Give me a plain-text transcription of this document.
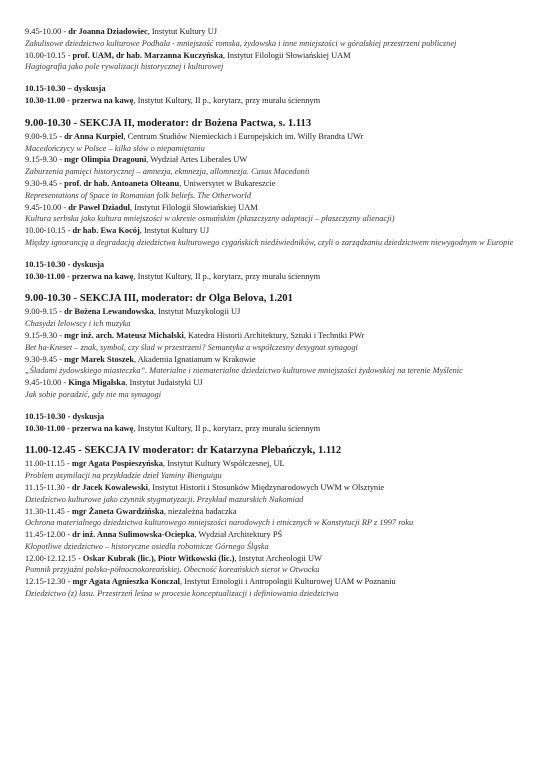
9.45-10.00 - dr Joanna Dziadowiec, Instytut Kultury UJ
Zakulisowe dziedzictwo kulturowe Podhala - mniejszość romska, żydowska i inne mniejszości w góralskiej przestrzeni publicznej
10.00-10.15 - prof. UAM, dr hab. Marzanna Kuczyńska, Instytut Filologii Słowiańskiej UAM
Hagiografia jako pole rywalizacji historycznej i kulturowej
10.15-10.30 – dyskusja
10.30-11.00 - przerwa na kawę, Instytut Kultury, II p., korytarz, przy muralu ściennym
9.00-10.30 - SEKCJA II, moderator: dr Bożena Pactwa, s. 1.113
9.00-9.15 - dr Anna Kurpiel, Centrum Studiów Niemieckich i Europejskich im. Willy Brandta UWr
Macedończycy w Polsce – kilka słów o niepamiętaniu
9.15-9.30 - mgr Olimpia Dragouni, Wydział Artes Liberales UW
Zaburzenia pamięci historycznej – amnezja, ekmnezja, allomnezja. Casus Macedonii
9.30-9.45 - prof. dr hab. Antoaneta Olteanu, Uniwersytet w Bukareszcie
Representations of Space in Romanian folk beliefs. The Otherworld
9.45-10.00 - dr Paweł Dziadul, Instytut Filologii Słowiańskiej UAM
Kultura serbska jako kultura mniejszości w okresie osmańskim (płaszczyzny adaptacji – płaszczyzny alienacji)
10.00-10.15 - dr hab. Ewa Kocój, Instytut Kultury UJ
Między ignorancją a degradacją dziedzictwa kulturowego cygańskich niedźwiedników, czyli o zarządzaniu dziedzictwem niewygodnym w Europie
10.15-10.30 - dyskusja
10.30-11.00 - przerwa na kawę, Instytut Kultury, II p., korytarz, przy muralu ściennym
9.00-10.30 - SEKCJA III, moderator: dr Olga Belova, 1.201
9.00-9.15 - dr Bożena Lewandowska, Instytut Muzykologii UJ
Chasydzi lelowscy i ich muzyka
9.15-9.30 - mgr inż. arch. Mateusz Michalski, Katedra Historii Architektury, Sztuki i Techniki PWr
Bet ha-Kneset – znak, symbol, czy ślad w przestrzeni? Semantyka a współczesny desygnat synagogi
9.30-9.45 - mgr Marek Stoszek, Akademia Ignatianum w Krakowie
„Śladami żydowskiego miasteczka”. Materialne i niematerialne dziedzictwo kulturowe mniejszości żydowskiej na terenie Myślenic
9.45-10.00 - Kinga Migalska, Instytut Judaistyki UJ
Jak sobie poradzić, gdy nie ma synagogi
10.15-10.30 - dyskusja
10.30-11.00 - przerwa na kawę, Instytut Kultury, II p., korytarz, przy muralu ściennym
11.00-12.45 - SEKCJA IV moderator: dr Katarzyna Plebańczyk, 1.112
11.00-11.15 - mgr Agata Pospieszyńska, Instytut Kultury Współczesnej, UL
Problem asymilacji na przykładzie dzieł Yaminy Bienguigu
11.15-11.30 - dr Jacek Kowalewski, Instytut Historii i Stosunków Międzynarodowych UWM w Olsztynie
Dziedzictwo kulturowe jako czynnik stygmatyzacji. Przykład mazurskich Nakomiad
11.30-11.45 - mgr Żaneta Gwardzińska, niezależna badaczka
Ochrona materialnego dziedzictwa kulturowego mniejszości narodowych i etnicznych w Konstytucji RP z 1997 roku
11.45-12.00 - dr inż. Anna Sulimowska-Ociepka, Wydział Architektury PŚ
Kłopotliwe dziedzictwo – historyczne osiedla robotnicze Górnego Śląska
12.00-12.12.15 - Oskar Kubrak (lic.), Piotr Witkowski (lic.), Instytut Archeologii UW
Pomnik przyjaźni polsko-północnokoreańskiej. Obecność koreańskich sierot w Otwocku
12.15-12.30 - mgr Agata Agnieszka Konczal, Instytut Etnologii i Antropologii Kulturowej UAM w Poznaniu
Dziedzictwo (z) lasu. Przestrzeń leśna w procesie konceptualizacji i definiowania dziedzictwa
